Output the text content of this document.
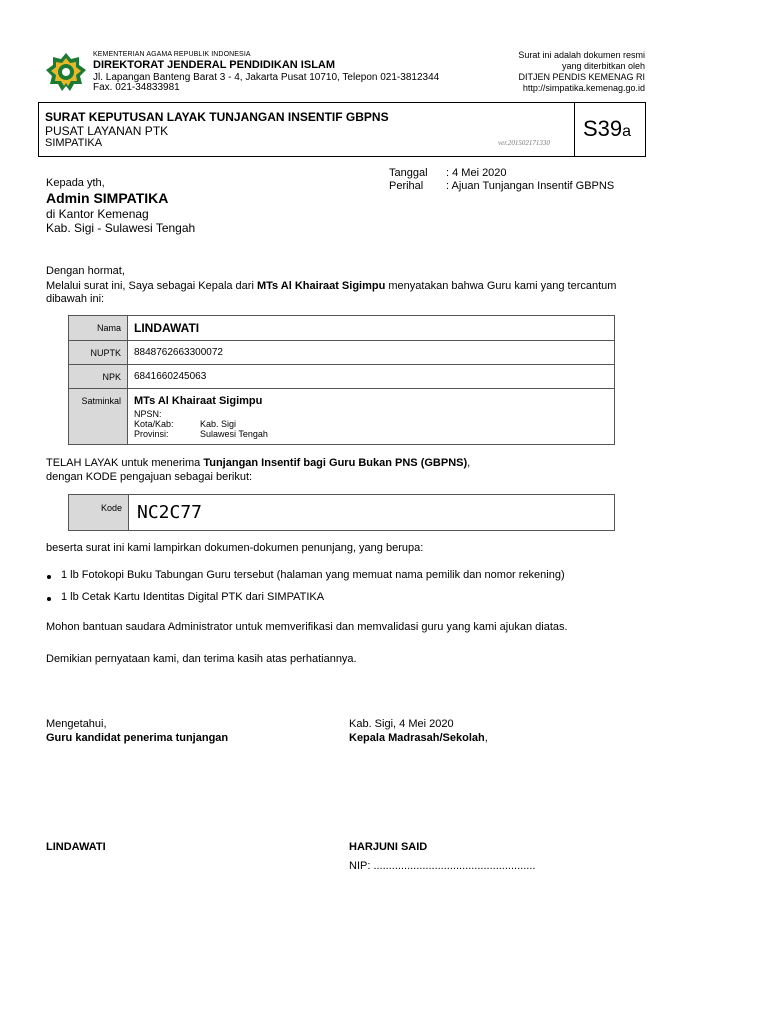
KEMENTERIAN AGAMA REPUBLIK INDONESIA
DIREKTORAT JENDERAL PENDIDIKAN ISLAM
Jl. Lapangan Banteng Barat 3 - 4, Jakarta Pusat 10710, Telepon 021-3812344
Fax. 021-34833981
Surat ini adalah dokumen resmi
yang diterbitkan oleh
DITJEN PENDIS KEMENAG RI
http://simpatika.kemenag.go.id
SURAT KEPUTUSAN LAYAK TUNJANGAN INSENTIF GBPNS
PUSAT LAYANAN PTK
SIMPATIKA	ver.201502171330
S39a
Tanggal : 4 Mei 2020
Perihal : Ajuan Tunjangan Insentif GBPNS
Kepada yth,
Admin SIMPATIKA
di Kantor Kemenag
Kab. Sigi - Sulawesi Tengah
Dengan hormat,
Melalui surat ini, Saya sebagai Kepala dari MTs Al Khairaat Sigimpu menyatakan bahwa Guru kami yang tercantum
dibawah ini:
Nama	LINDAWATI
NUPTK	8848762663300072
NPK	6841660245063
Satminkal	MTs Al Khairaat Sigimpu
NPSN:
Kota/Kab: Kab. Sigi
Provinsi: Sulawesi Tengah
TELAH LAYAK untuk menerima Tunjangan Insentif bagi Guru Bukan PNS (GBPNS),
dengan KODE pengajuan sebagai berikut:
Kode NC2C77
beserta surat ini kami lampirkan dokumen-dokumen penunjang, yang berupa:
1 lb Fotokopi Buku Tabungan Guru tersebut (halaman yang memuat nama pemilik dan nomor rekening)
1 lb Cetak Kartu Identitas Digital PTK dari SIMPATIKA
Mohon bantuan saudara Administrator untuk memverifikasi dan memvalidasi guru yang kami ajukan diatas.
Demikian pernyataan kami, dan terima kasih atas perhatiannya.
Mengetahui,
Guru kandidat penerima tunjangan
LINDAWATI
Kab. Sigi, 4 Mei 2020
Kepala Madrasah/Sekolah,
HARJUNI SAID
NIP: .....................................................
